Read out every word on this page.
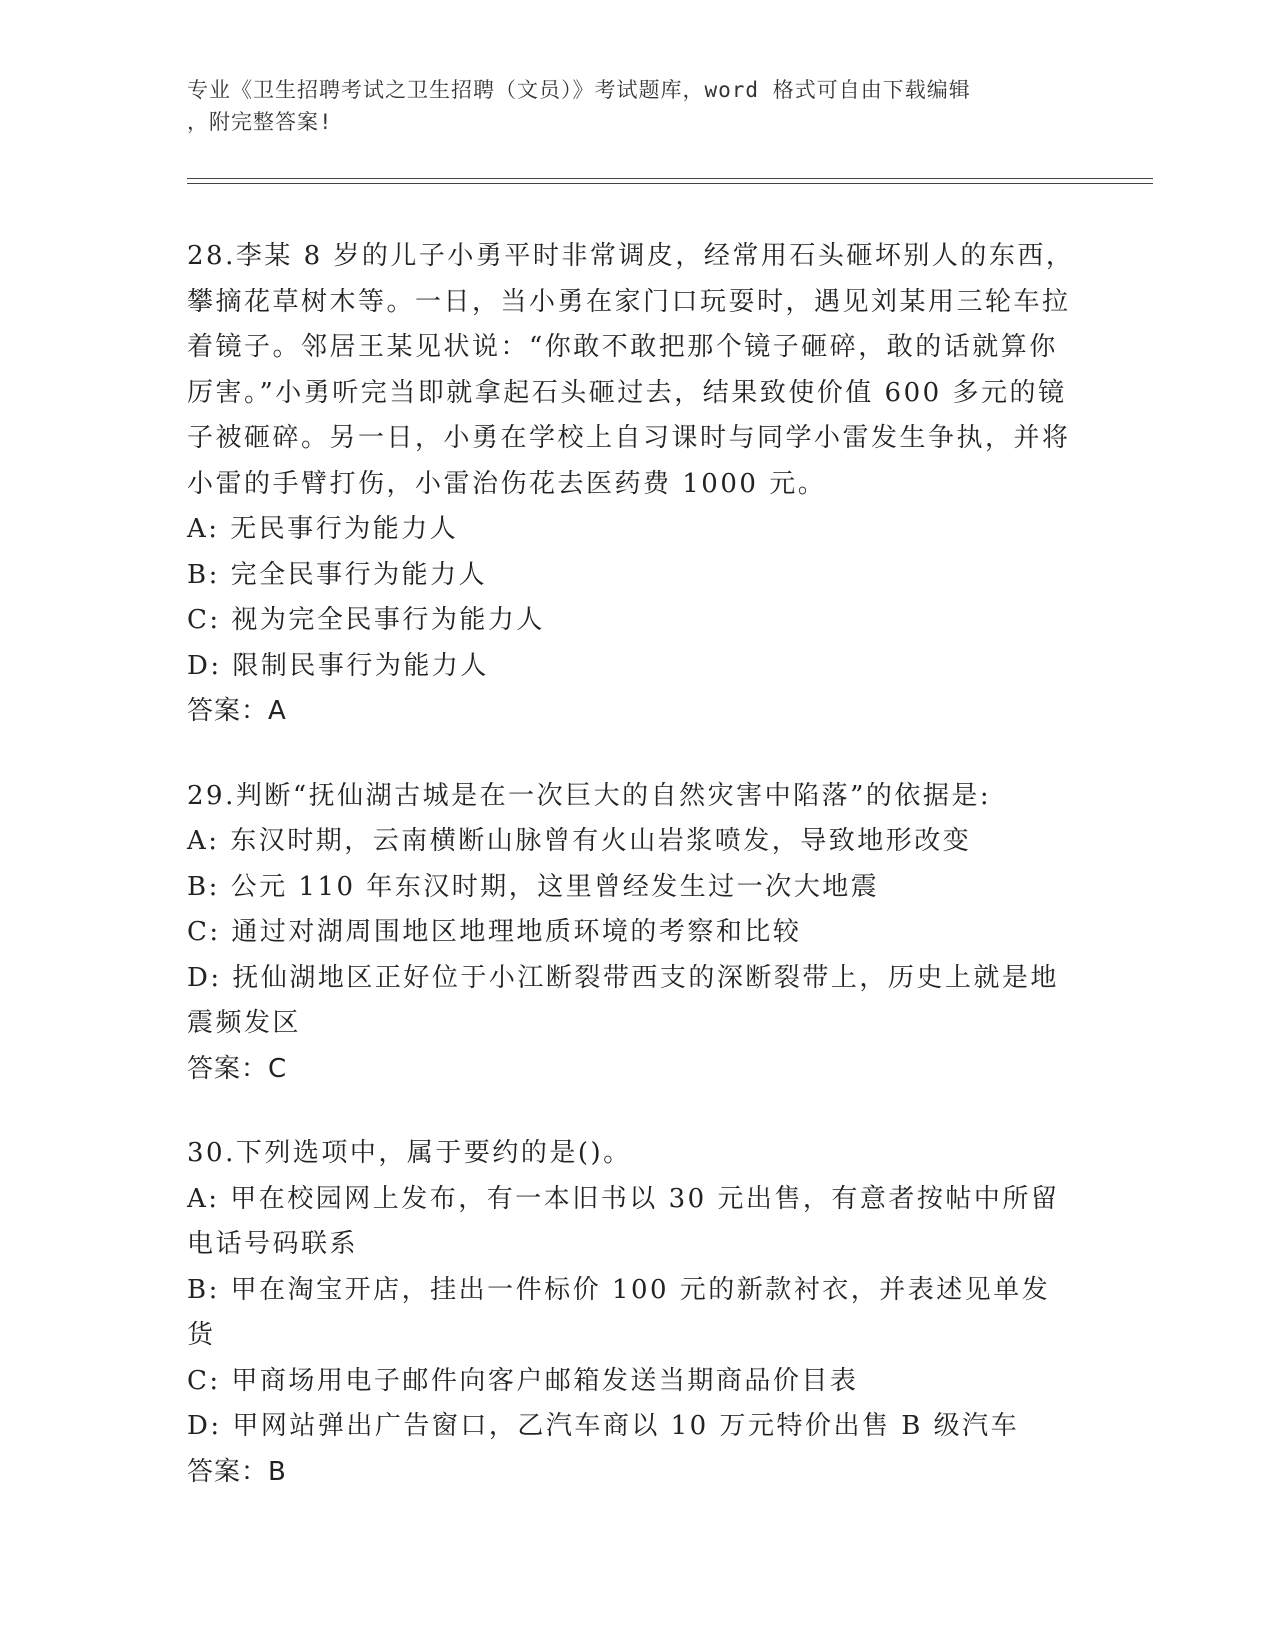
专业《卫生招聘考试之卫生招聘（文员）》考试题库，word 格式可自由下载编辑
，附完整答案!
28.李某 8 岁的儿子小勇平时非常调皮，经常用石头砸坏别人的东西，攀摘花草树木等。一日，当小勇在家门口玩耍时，遇见刘某用三轮车拉着镜子。邻居王某见状说：“你敢不敢把那个镜子砸碎，敢的话就算你厉害。”小勇听完当即就拿起石头砸过去，结果致使价值 600 多元的镜子被砸碎。另一日，小勇在学校上自习课时与同学小雷发生争执，并将小雷的手臂打伤，小雷治伤花去医药费 1000 元。
A: 无民事行为能力人
B: 完全民事行为能力人
C: 视为完全民事行为能力人
D: 限制民事行为能力人
答案：A
29.判断“抚仙湖古城是在一次巨大的自然灾害中陷落”的依据是:
A: 东汉时期，云南横断山脉曾有火山岩浆喷发，导致地形改变
B: 公元 110 年东汉时期，这里曾经发生过一次大地震
C: 通过对湖周围地区地理地质环境的考察和比较
D: 抚仙湖地区正好位于小江断裂带西支的深断裂带上，历史上就是地震频发区
答案：C
30.下列选项中，属于要约的是()。
A: 甲在校园网上发布，有一本旧书以 30 元出售，有意者按帖中所留电话号码联系
B: 甲在淘宝开店，挂出一件标价 100 元的新款衬衣，并表述见单发货
C: 甲商场用电子邮件向客户邮箱发送当期商品价目表
D: 甲网站弹出广告窗口，乙汽车商以 10 万元特价出售 B 级汽车
答案：B
